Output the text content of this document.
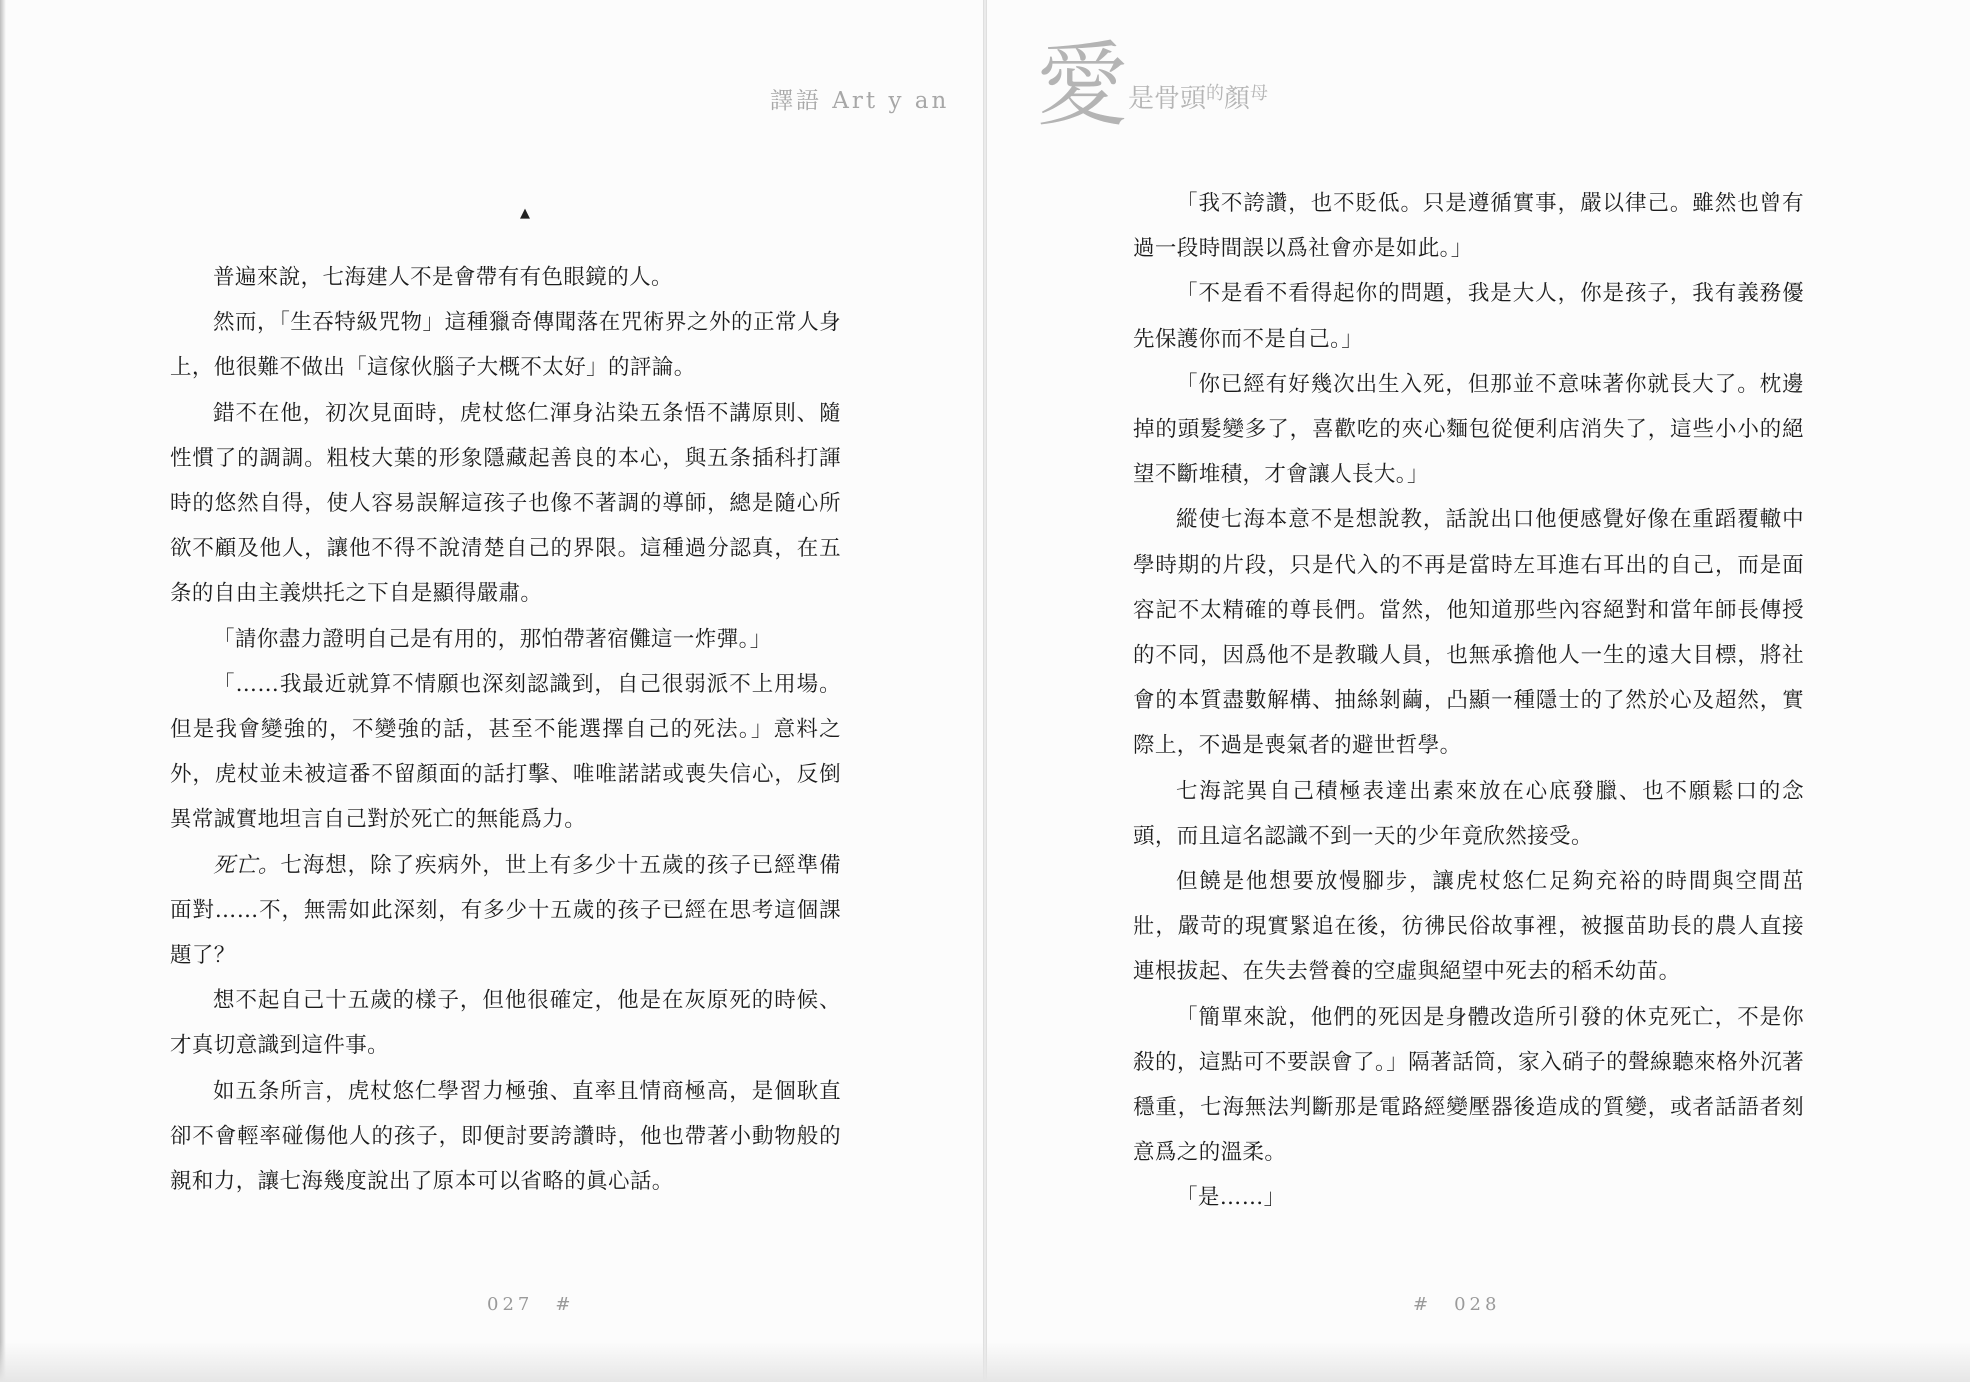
譯語 Art y an
▲

普遍來說，七海建人不是會帶有有色眼鏡的人。

然而，「生吞特級咒物」這種獵奇傳聞落在咒術界之外的正常人身上，他很難不做出「這傢伙腦子大概不太好」的評論。

錯不在他，初次見面時，虎杖悠仁渾身沾染五条悟不講原則、隨性慣了的調調。粗枝大葉的形象隱藏起善良的本心，與五条插科打諢時的悠然自得，使人容易誤解這孩子也像不著調的導師，總是隨心所欲不顧及他人，讓他不得不說清楚自己的界限。這種過分認真，在五条的自由主義烘托之下自是顯得嚴肅。

「請你盡力證明自己是有用的，那怕帶著宿儺這一炸彈。」

「……我最近就算不情願也深刻認識到，自己很弱派不上用場。但是我會變強的，不變強的話，甚至不能選擇自己的死法。」意料之外，虎杖並未被這番不留顏面的話打擊、唯唯諾諾或喪失信心，反倒異常誠實地坦言自己對於死亡的無能爲力。

死亡。七海想，除了疾病外，世上有多少十五歲的孩子已經準備面對……不，無需如此深刻，有多少十五歲的孩子已經在思考這個課題了？

想不起自己十五歲的樣子，但他很確定，他是在灰原死的時候、才真切意識到這件事。

如五条所言，虎杖悠仁學習力極強、直率且情商極高，是個耿直卻不會輕率碰傷他人的孩子，即便討要誇讚時，他也帶著小動物般的親和力，讓七海幾度說出了原本可以省略的眞心話。

027　#
愛是骨頭的顏母

「我不誇讚，也不貶低。只是遵循實事，嚴以律己。雖然也曾有過一段時間誤以爲社會亦是如此。」

「不是看不看得起你的問題，我是大人，你是孩子，我有義務優先保護你而不是自己。」

「你已經有好幾次出生入死，但那並不意味著你就長大了。枕邊掉的頭髮變多了，喜歡吃的夾心麵包從便利店消失了，這些小小的絕望不斷堆積，才會讓人長大。」

縱使七海本意不是想說教，話說出口他便感覺好像在重蹈覆轍中學時期的片段，只是代入的不再是當時左耳進右耳出的自己，而是面容記不太精確的尊長們。當然，他知道那些內容絕對和當年師長傳授的不同，因爲他不是教職人員，也無承擔他人一生的遠大目標，將社會的本質盡數解構、抽絲剝繭，凸顯一種隱士的了然於心及超然，實際上，不過是喪氣者的避世哲學。

七海詫異自己積極表達出素來放在心底發臘、也不願鬆口的念頭，而且這名認識不到一天的少年竟欣然接受。

但饒是他想要放慢腳步，讓虎杖悠仁足夠充裕的時間與空間茁壯，嚴苛的現實緊追在後，彷彿民俗故事裡，被揠苗助長的農人直接連根拔起、在失去營養的空虛與絕望中死去的稻禾幼苗。

「簡單來說，他們的死因是身體改造所引發的休克死亡，不是你殺的，這點可不要誤會了。」隔著話筒，家入硝子的聲線聽來格外沉著穩重，七海無法判斷那是電路經變壓器後造成的質變，或者話語者刻意爲之的溫柔。

「是……」

#　028
